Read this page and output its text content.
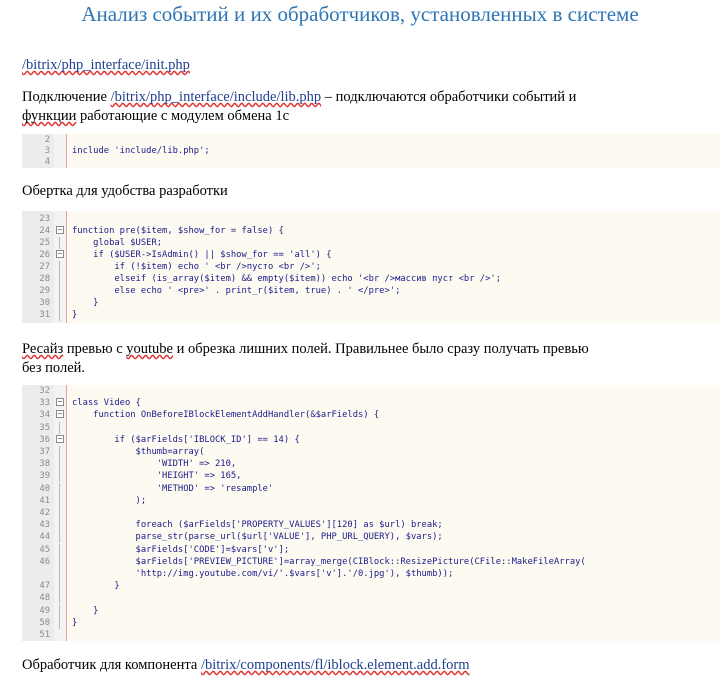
Анализ событий и их обработчиков, установленных в системе
/bitrix/php_interface/init.php
Подключение /bitrix/php_interface/include/lib.php – подключаются обработчики событий и
функции работающие с модулем обмена 1с
2
3	include 'include/lib.php';
4
Обертка для удобства разработки
23
−
24	function pre($item, $show_for = false) {
25	global $USER;
−
26	if ($USER->IsAdmin() || $show_for == 'all') {
27	if (!$item) echo ' <br />пусто <br />';
28	elseif (is_array($item) && empty($item)) echo '<br />массив пуст <br />';
29	else echo ' <pre>' . print_r($item, true) . ' </pre>';
30	}
31	}
Ресайз превью с youtube и обрезка лишних полей. Правильнее было сразу получать превью
без полей.
32
−
33	class Video {
−
34	function OnBeforeIBlockElementAddHandler(&$arFields) {
35
−
36	if ($arFields['IBLOCK_ID'] == 14) {
37	$thumb=array(
38	'WIDTH' => 210,
39	'HEIGHT' => 165,
40	'METHOD' => 'resample'
41	);
42
43	foreach ($arFields['PROPERTY_VALUES'][120] as $url) break;
44	parse_str(parse_url($url['VALUE'], PHP_URL_QUERY), $vars);
45	$arFields['CODE']=$vars['v'];
46	$arFields['PREVIEW_PICTURE']=array_merge(CIBlock::ResizePicture(CFile::MakeFileArray(
'http://img.youtube.com/vi/'.$vars['v'].'/0.jpg'), $thumb));
47	}
48
49	}
50	}
51
Обработчик для компонента /bitrix/components/fl/iblock.element.add.form
